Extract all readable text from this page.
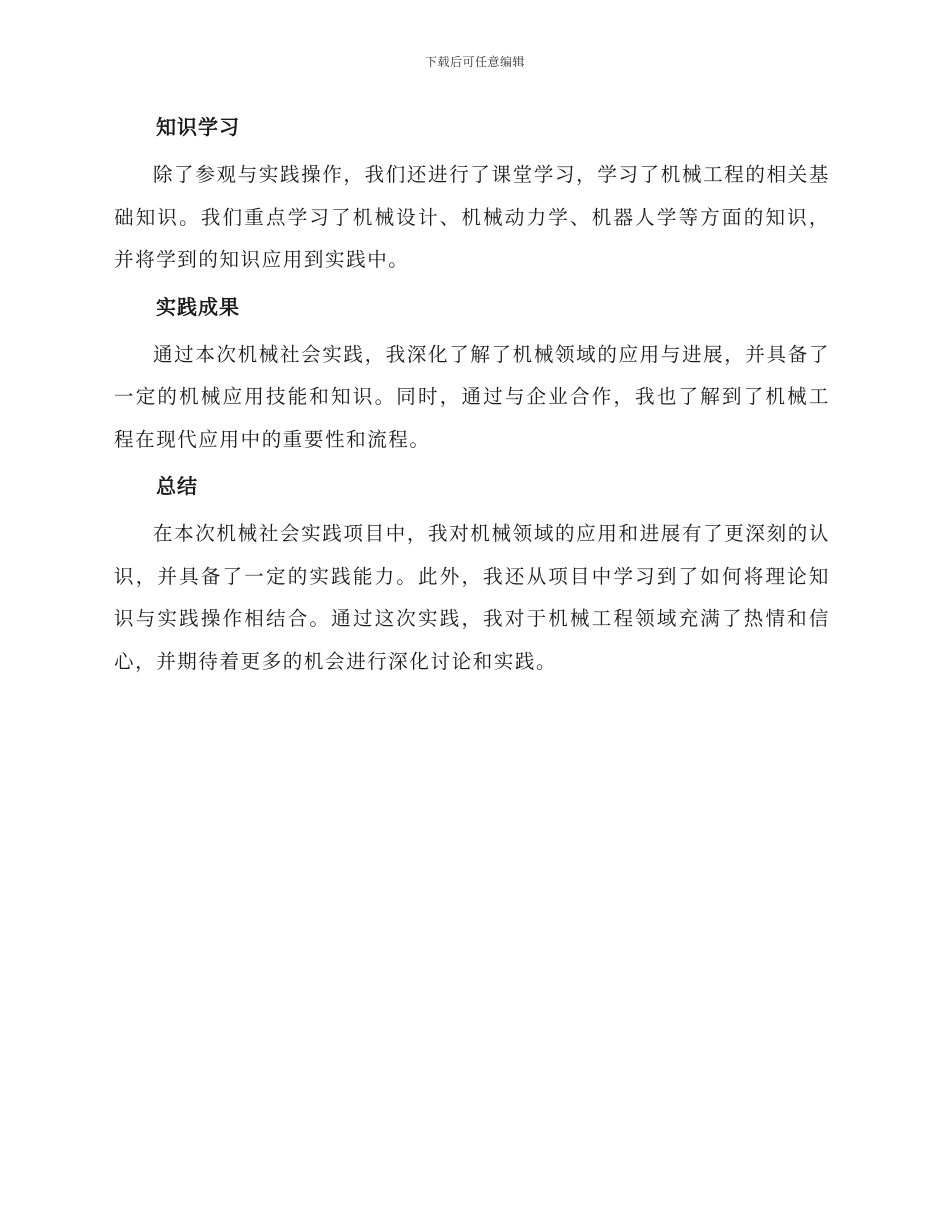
下载后可任意编辑
知识学习

除了参观与实践操作，我们还进行了课堂学习，学习了机械工程的相关基础知识。我们重点学习了机械设计、机械动力学、机器人学等方面的知识，并将学到的知识应用到实践中。

实践成果

通过本次机械社会实践，我深化了解了机械领域的应用与进展，并具备了一定的机械应用技能和知识。同时，通过与企业合作，我也了解到了机械工程在现代应用中的重要性和流程。

总结

在本次机械社会实践项目中，我对机械领域的应用和进展有了更深刻的认识，并具备了一定的实践能力。此外，我还从项目中学习到了如何将理论知识与实践操作相结合。通过这次实践，我对于机械工程领域充满了热情和信心，并期待着更多的机会进行深化讨论和实践。
